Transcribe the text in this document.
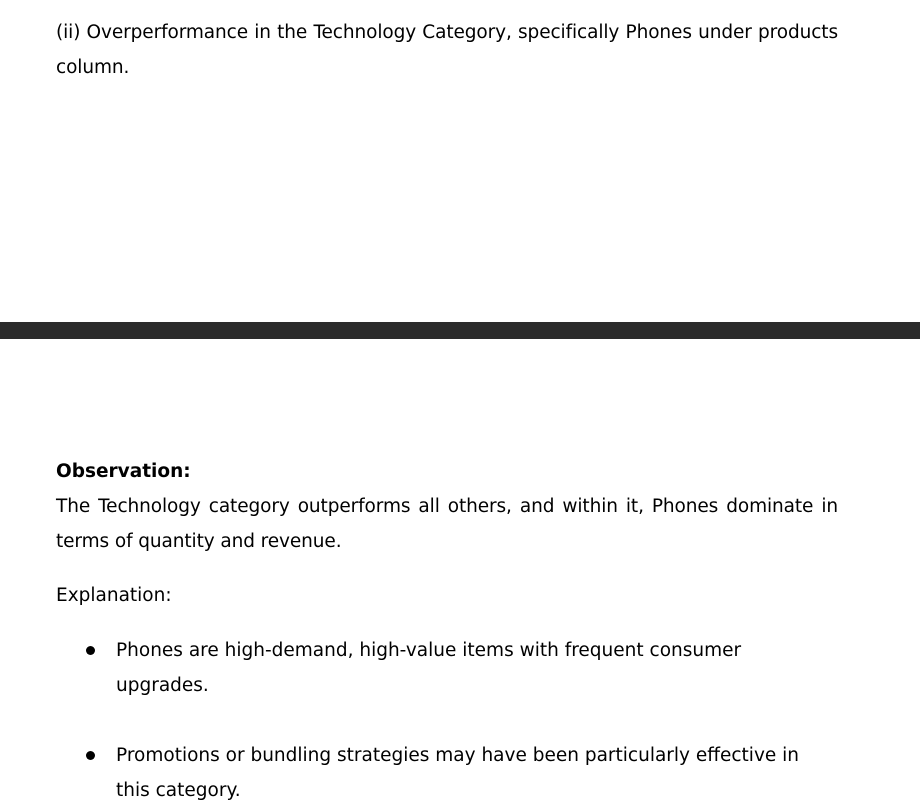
(ii) Overperformance in the Technology Category, specifically Phones under products column.

Observation:

The Technology category outperforms all others, and within it, Phones dominate in terms of quantity and revenue.

Explanation:

Phones are high-demand, high-value items with frequent consumer upgrades.
Promotions or bundling strategies may have been particularly effective in this category.
